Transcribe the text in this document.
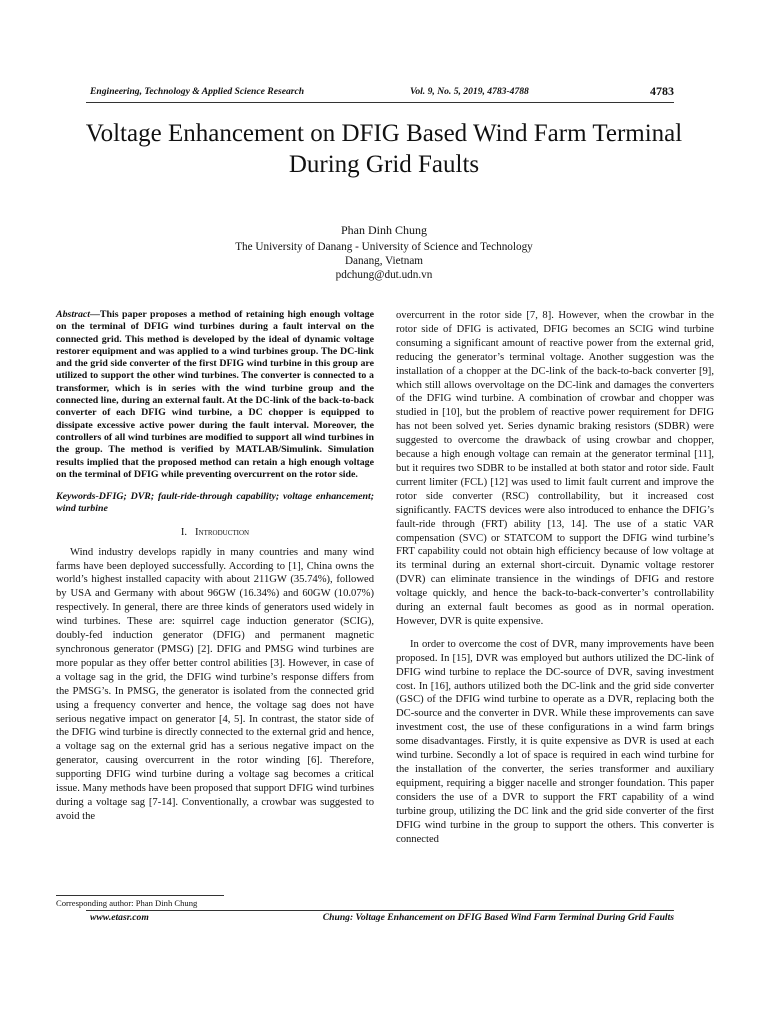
Engineering, Technology & Applied Science Research	Vol. 9, No. 5, 2019, 4783-4788	4783
Voltage Enhancement on DFIG Based Wind Farm Terminal During Grid Faults
Phan Dinh Chung
The University of Danang - University of Science and Technology
Danang, Vietnam
pdchung@dut.udn.vn

Abstract—This paper proposes a method of retaining high enough voltage on the terminal of DFIG wind turbines during a fault interval on the connected grid. This method is developed by the ideal of dynamic voltage restorer equipment and was applied to a wind turbines group. The DC-link and the grid side converter of the first DFIG wind turbine in this group are utilized to support the other wind turbines. The converter is connected to a transformer, which is in series with the wind turbine group and the connected line, during an external fault. At the DC-link of the back-to-back converter of each DFIG wind turbine, a DC chopper is equipped to dissipate excessive active power during the fault interval. Moreover, the controllers of all wind turbines are modified to support all wind turbines in the group. The method is verified by MATLAB/Simulink. Simulation results implied that the proposed method can retain a high enough voltage on the terminal of DFIG while preventing overcurrent on the rotor side.

Keywords-DFIG; DVR; fault-ride-through capability; voltage enhancement; wind turbine

I. Introduction

Wind industry develops rapidly in many countries and many wind farms have been deployed successfully. According to [1], China owns the world’s highest installed capacity with about 211GW (35.74%), followed by USA and Germany with about 96GW (16.34%) and 60GW (10.07%) respectively. In general, there are three kinds of generators used widely in wind turbines. These are: squirrel cage induction generator (SCIG), doubly-fed induction generator (DFIG) and permanent magnetic synchronous generator (PMSG) [2]. DFIG and PMSG wind turbines are more popular as they offer better control abilities [3]. However, in case of a voltage sag in the grid, the DFIG wind turbine’s response differs from the PMSG’s. In PMSG, the generator is isolated from the connected grid using a frequency converter and hence, the voltage sag does not have serious negative impact on generator [4, 5]. In contrast, the stator side of the DFIG wind turbine is directly connected to the external grid and hence, a voltage sag on the external grid has a serious negative impact on the generator, causing overcurrent in the rotor winding [6]. Therefore, supporting DFIG wind turbine during a voltage sag becomes a critical issue. Many methods have been proposed that support DFIG wind turbines during a voltage sag [7-14]. Conventionally, a crowbar was suggested to avoid the

overcurrent in the rotor side [7, 8]. However, when the crowbar in the rotor side of DFIG is activated, DFIG becomes an SCIG wind turbine consuming a significant amount of reactive power from the external grid, reducing the generator’s terminal voltage. Another suggestion was the installation of a chopper at the DC-link of the back-to-back converter [9], which still allows overvoltage on the DC-link and damages the converters of the DFIG wind turbine. A combination of crowbar and chopper was studied in [10], but the problem of reactive power requirement for DFIG has not been solved yet. Series dynamic braking resistors (SDBR) were suggested to overcome the drawback of using crowbar and chopper, because a high enough voltage can remain at the generator terminal [11], but it requires two SDBR to be installed at both stator and rotor side. Fault current limiter (FCL) [12] was used to limit fault current and improve the rotor side converter (RSC) controllability, but it increased cost significantly. FACTS devices were also introduced to enhance the DFIG’s fault-ride through (FRT) ability [13, 14]. The use of a static VAR compensation (SVC) or STATCOM to support the DFIG wind turbine’s FRT capability could not obtain high efficiency because of low voltage at its terminal during an external short-circuit. Dynamic voltage restorer (DVR) can eliminate transience in the windings of DFIG and restore voltage quickly, and hence the back-to-back-converter’s controllability during an external fault becomes as good as in normal operation. However, DVR is quite expensive.

In order to overcome the cost of DVR, many improvements have been proposed. In [15], DVR was employed but authors utilized the DC-link of DFIG wind turbine to replace the DC-source of DVR, saving investment cost. In [16], authors utilized both the DC-link and the grid side converter (GSC) of the DFIG wind turbine to operate as a DVR, replacing both the DC-source and the converter in DVR. While these improvements can save investment cost, the use of these configurations in a wind farm brings some disadvantages. Firstly, it is quite expensive as DVR is used at each wind turbine. Secondly a lot of space is required in each wind turbine for the installation of the converter, the series transformer and auxiliary equipment, requiring a bigger nacelle and stronger foundation. This paper considers the use of a DVR to support the FRT capability of a wind turbine group, utilizing the DC link and the grid side converter of the first DFIG wind turbine in the group to support the others. This converter is connected

Corresponding author: Phan Dinh Chung
www.etasr.com	Chung: Voltage Enhancement on DFIG Based Wind Farm Terminal During Grid Faults
